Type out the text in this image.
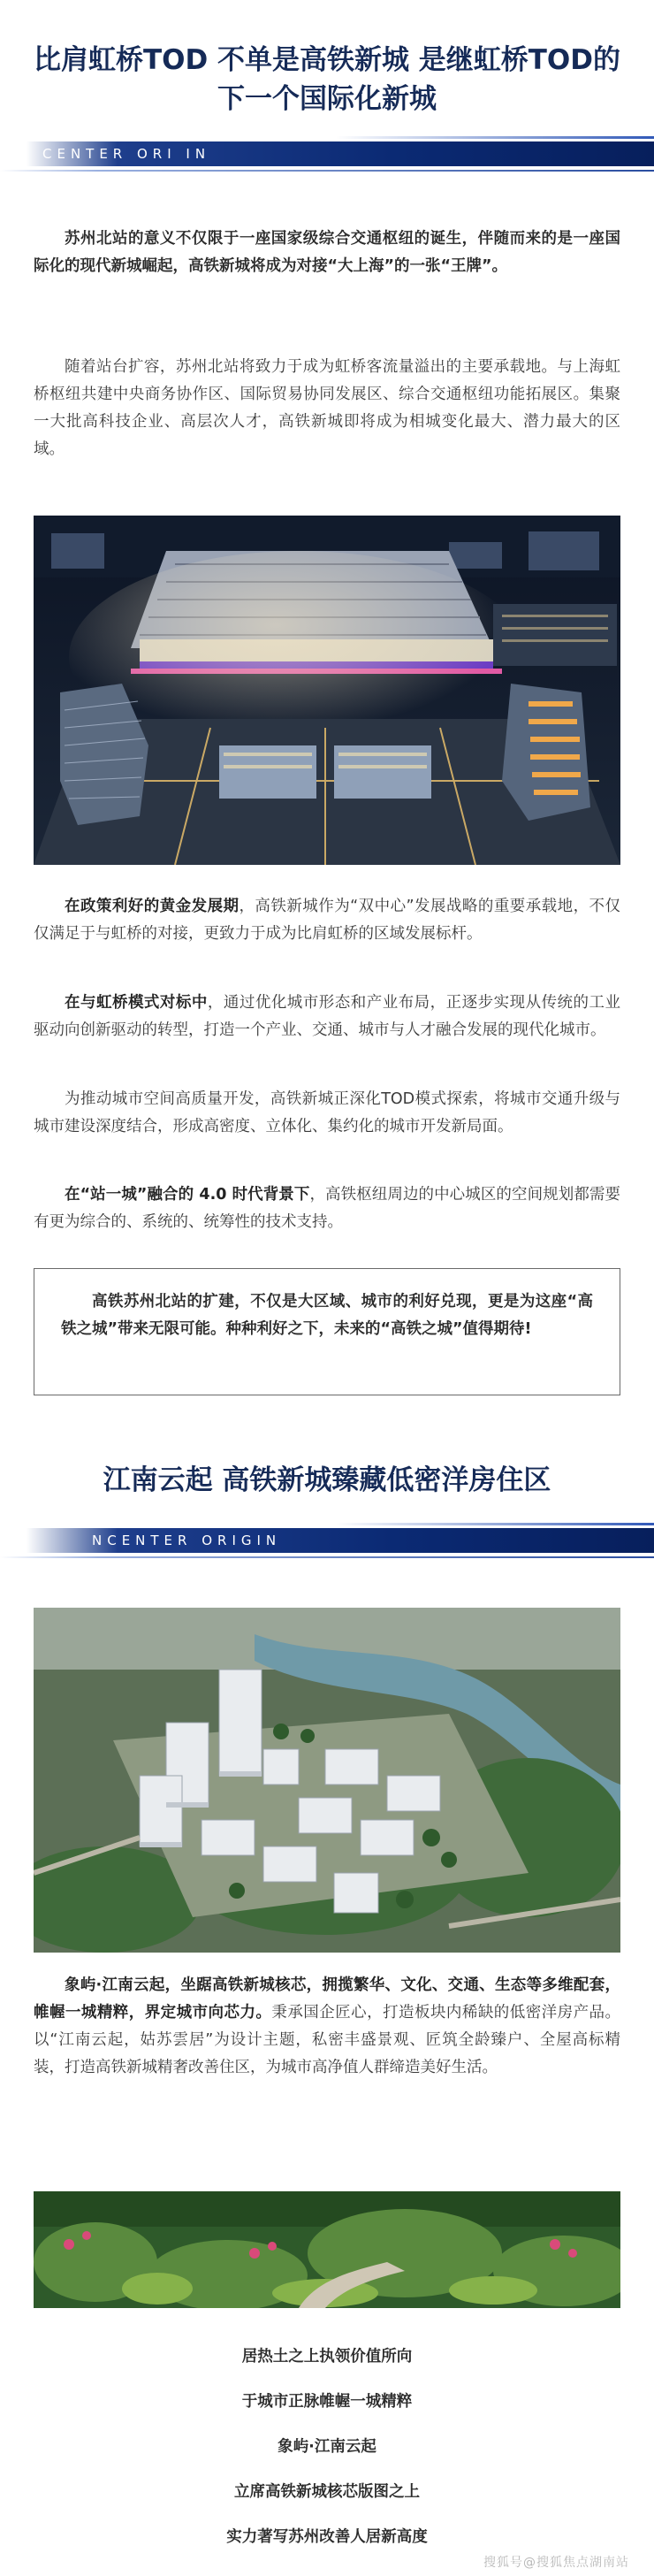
比肩虹桥TOD 不单是高铁新城 是继虹桥TOD的
下一个国际化新城
CENTER ORI IN
苏州北站的意义不仅限于一座国家级综合交通枢纽的诞生，伴随而来的是一座国际化的现代新城崛起，高铁新城将成为对接“大上海”的一张“王牌”。
随着站台扩容，苏州北站将致力于成为虹桥客流量溢出的主要承载地。与上海虹桥枢纽共建中央商务协作区、国际贸易协同发展区、综合交通枢纽功能拓展区。集聚一大批高科技企业、高层次人才，高铁新城即将成为相城变化最大、潜力最大的区域。
在政策利好的黄金发展期，高铁新城作为“双中心”发展战略的重要承载地，不仅仅满足于与虹桥的对接，更致力于成为比肩虹桥的区域发展标杆。
在与虹桥模式对标中，通过优化城市形态和产业布局，正逐步实现从传统的工业驱动向创新驱动的转型，打造一个产业、交通、城市与人才融合发展的现代化城市。
为推动城市空间高质量开发，高铁新城正深化TOD模式探索，将城市交通升级与城市建设深度结合，形成高密度、立体化、集约化的城市开发新局面。
在“站一城”融合的 4.0 时代背景下，高铁枢纽周边的中心城区的空间规划都需要有更为综合的、系统的、统筹性的技术支持。
高铁苏州北站的扩建，不仅是大区域、城市的利好兑现，更是为这座“高铁之城”带来无限可能。种种利好之下，未来的“高铁之城”值得期待!
江南云起 高铁新城臻藏低密洋房住区
NCENTER ORIGIN
象屿·江南云起，坐踞高铁新城核芯，拥揽繁华、文化、交通、生态等多维配套，帷幄一城精粹，界定城市向芯力。秉承国企匠心，打造板块内稀缺的低密洋房产品。以“江南云起，姑苏雲居”为设计主题，私密丰盛景观、匠筑全龄臻户、全屋高标精装，打造高铁新城精奢改善住区，为城市高净值人群缔造美好生活。
居热土之上执领价值所向
于城市正脉帷幄一城精粹
象屿·江南云起
立席高铁新城核芯版图之上
实力著写苏州改善人居新高度
搜狐号@搜狐焦点湖南站
